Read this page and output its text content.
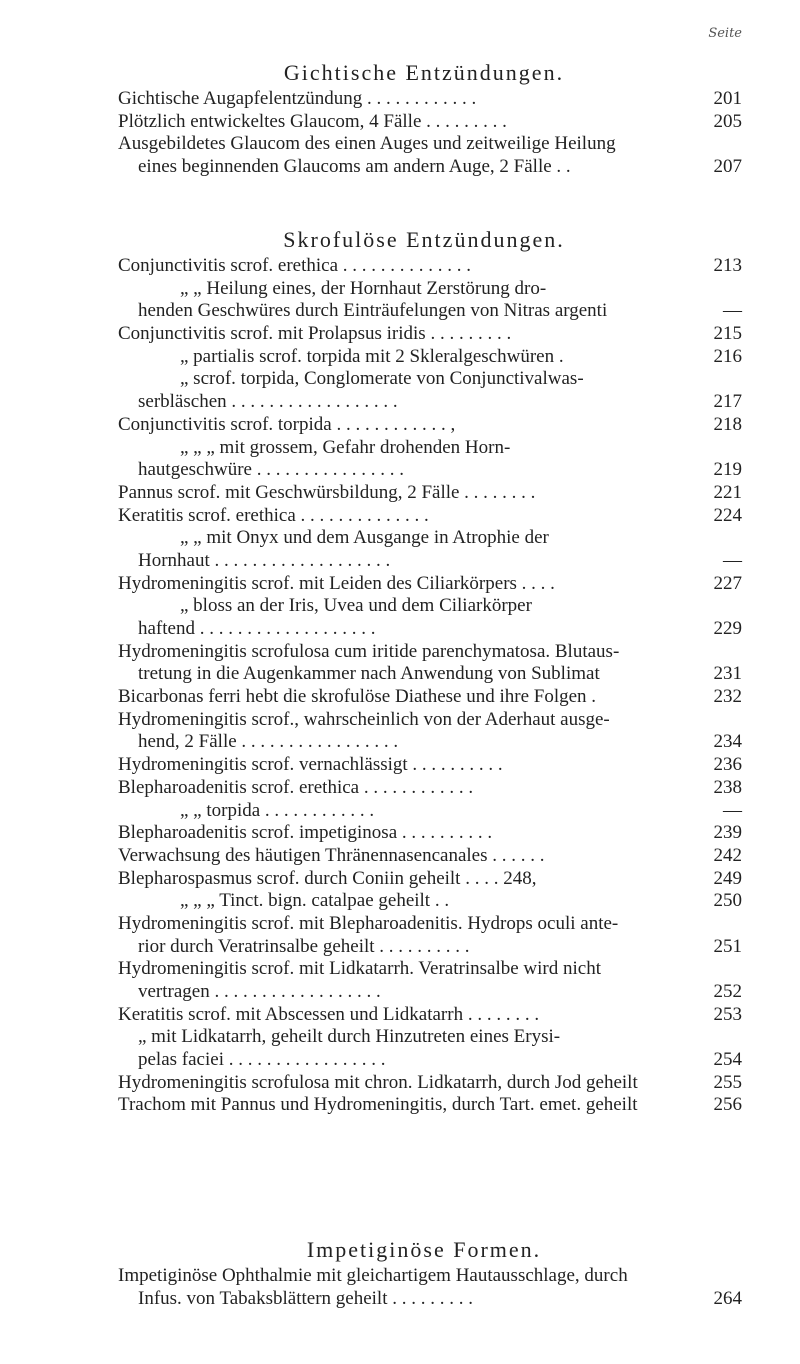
Seite
Gichtische Entzündungen.
Gichtische Augapfelentzündung . . . . . . . . . . . .	201
Plötzlich entwickeltes Glaucom, 4 Fälle . . . . . . . . .	205
Ausgebildetes Glaucom des einen Auges und zeitweilige Heilung
eines beginnenden Glaucoms am andern Auge, 2 Fälle . .	207
Skrofulöse Entzündungen.
Conjunctivitis scrof. erethica . . . . . . . . . . . . . .	213
„ „ Heilung eines, der Hornhaut Zerstörung dro-
henden Geschwüres durch Einträufelungen von Nitras argenti	—
Conjunctivitis scrof. mit Prolapsus iridis . . . . . . . . .	215
„ partialis scrof. torpida mit 2 Skleralgeschwüren .	216
„ scrof. torpida, Conglomerate von Conjunctivalwas-
serbläschen . . . . . . . . . . . . . . . . . .	217
Conjunctivitis scrof. torpida . . . . . . . . . . . . ,	218
„ „ „ mit grossem, Gefahr drohenden Horn-
hautgeschwüre . . . . . . . . . . . . . . . .	219
Pannus scrof. mit Geschwürsbildung, 2 Fälle . . . . . . . .	221
Keratitis scrof. erethica . . . . . . . . . . . . . .	224
„ „ mit Onyx und dem Ausgange in Atrophie der
Hornhaut . . . . . . . . . . . . . . . . . . .	—
Hydromeningitis scrof. mit Leiden des Ciliarkörpers . . . .	227
„ bloss an der Iris, Uvea und dem Ciliarkörper
haftend . . . . . . . . . . . . . . . . . . .	229
Hydromeningitis scrofulosa cum iritide parenchymatosa. Blutaus-
tretung in die Augenkammer nach Anwendung von Sublimat	231
Bicarbonas ferri hebt die skrofulöse Diathese und ihre Folgen .	232
Hydromeningitis scrof., wahrscheinlich von der Aderhaut ausge-
hend, 2 Fälle . . . . . . . . . . . . . . . . .	234
Hydromeningitis scrof. vernachlässigt . . . . . . . . . .	236
Blepharoadenitis scrof. erethica . . . . . . . . . . . .	238
„ „ torpida . . . . . . . . . . . .	—
Blepharoadenitis scrof. impetiginosa . . . . . . . . . .	239
Verwachsung des häutigen Thränennasencanales . . . . . .	242
Blepharospasmus scrof. durch Coniin geheilt . . . . 248,	249
„ „ „ Tinct. bign. catalpae geheilt . .	250
Hydromeningitis scrof. mit Blepharoadenitis. Hydrops oculi ante-
rior durch Veratrinsalbe geheilt . . . . . . . . . .	251
Hydromeningitis scrof. mit Lidkatarrh. Veratrinsalbe wird nicht
vertragen . . . . . . . . . . . . . . . . . .	252
Keratitis scrof. mit Abscessen und Lidkatarrh . . . . . . . .	253
„ mit Lidkatarrh, geheilt durch Hinzutreten eines Erysi-
pelas faciei . . . . . . . . . . . . . . . . .	254
Hydromeningitis scrofulosa mit chron. Lidkatarrh, durch Jod geheilt	255
Trachom mit Pannus und Hydromeningitis, durch Tart. emet. geheilt	256
Impetiginöse Formen.
Impetiginöse Ophthalmie mit gleichartigem Hautausschlage, durch
Infus. von Tabaksblättern geheilt . . . . . . . . .	264
